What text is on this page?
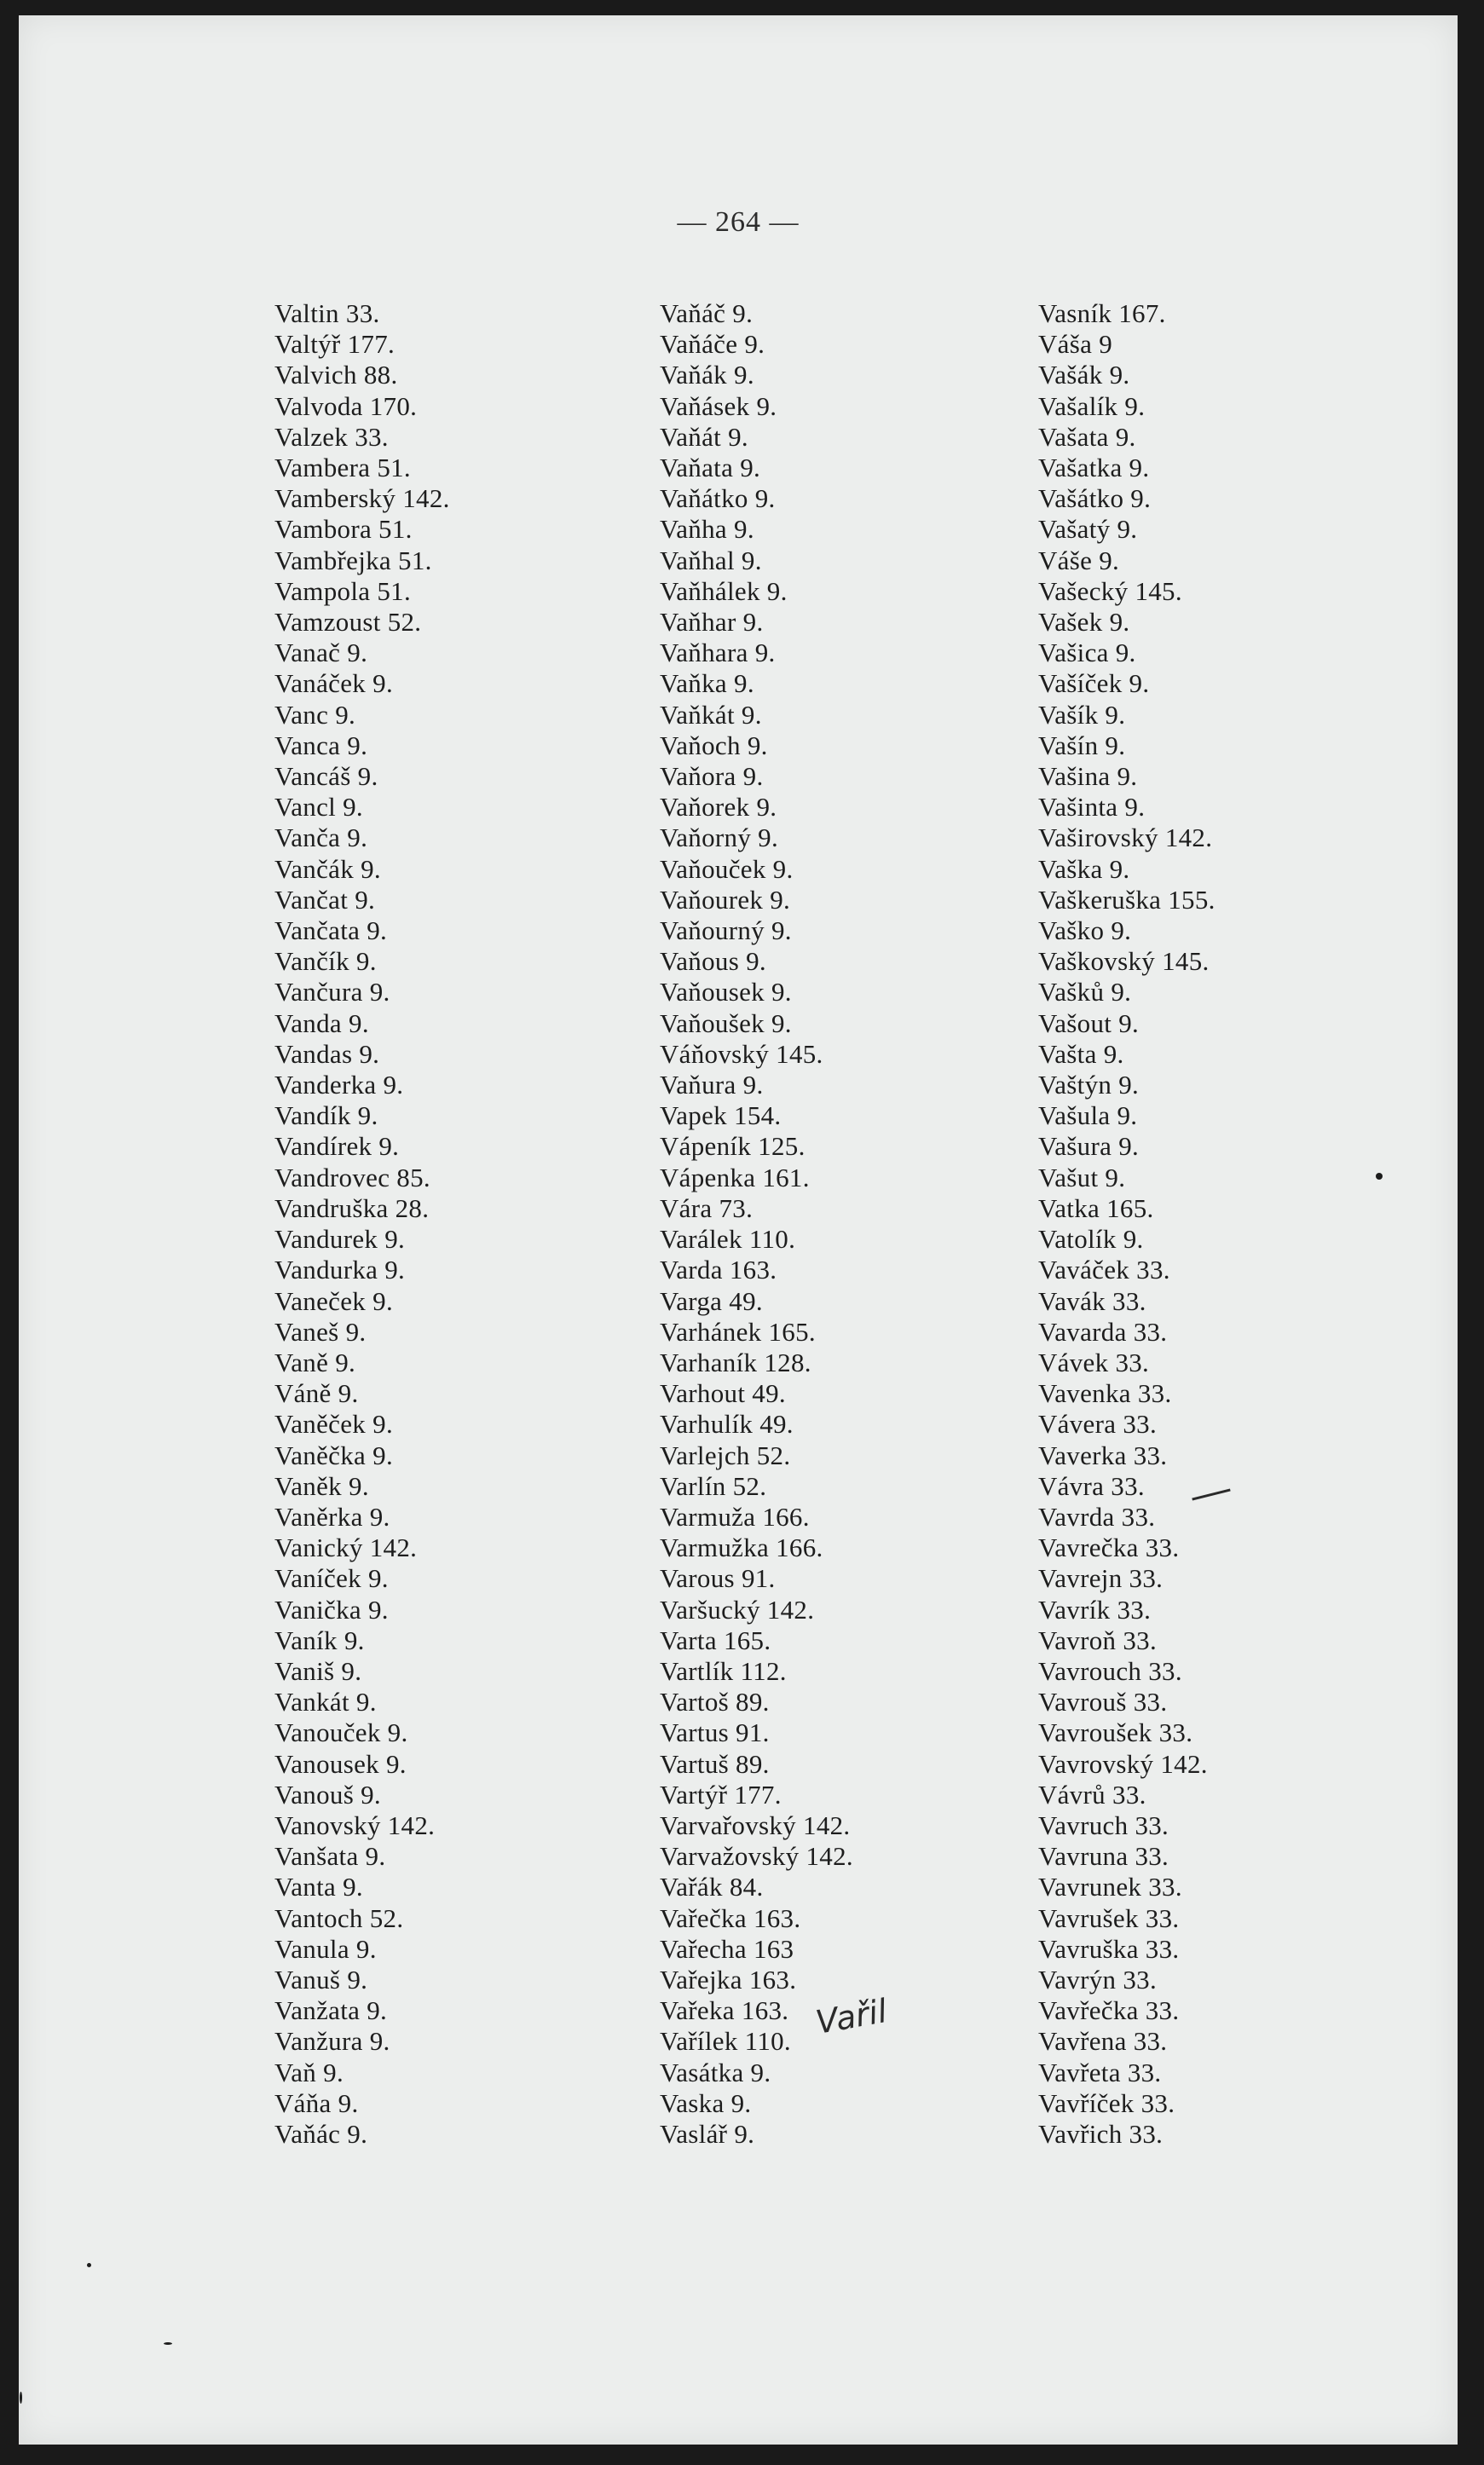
— 264 —
Valtin 33.
Valtýř 177.
Valvich 88.
Valvoda 170.
Valzek 33.
Vambera 51.
Vamberský 142.
Vambora 51.
Vambřejka 51.
Vampola 51.
Vamzoust 52.
Vanač 9.
Vanáček 9.
Vanc 9.
Vanca 9.
Vancáš 9.
Vancl 9.
Vanča 9.
Vančák 9.
Vančat 9.
Vančata 9.
Vančík 9.
Vančura 9.
Vanda 9.
Vandas 9.
Vanderka 9.
Vandík 9.
Vandírek 9.
Vandrovec 85.
Vandruška 28.
Vandurek 9.
Vandurka 9.
Vaneček 9.
Vaneš 9.
Vaně 9.
Váně 9.
Vaněček 9.
Vaněčka 9.
Vaněk 9.
Vaněrka 9.
Vanický 142.
Vaníček 9.
Vanička 9.
Vaník 9.
Vaniš 9.
Vankát 9.
Vanouček 9.
Vanousek 9.
Vanouš 9.
Vanovský 142.
Vanšata 9.
Vanta 9.
Vantoch 52.
Vanula 9.
Vanuš 9.
Vanžata 9.
Vanžura 9.
Vaň 9.
Váňa 9.
Vaňác 9.
Vaňáč 9.
Vaňáče 9.
Vaňák 9.
Vaňásek 9.
Vaňát 9.
Vaňata 9.
Vaňátko 9.
Vaňha 9.
Vaňhal 9.
Vaňhálek 9.
Vaňhar 9.
Vaňhara 9.
Vaňka 9.
Vaňkát 9.
Vaňoch 9.
Vaňora 9.
Vaňorek 9.
Vaňorný 9.
Vaňouček 9.
Vaňourek 9.
Vaňourný 9.
Vaňous 9.
Vaňousek 9.
Vaňoušek 9.
Váňovský 145.
Vaňura 9.
Vapek 154.
Vápeník 125.
Vápenka 161.
Vára 73.
Varálek 110.
Varda 163.
Varga 49.
Varhánek 165.
Varhaník 128.
Varhout 49.
Varhulík 49.
Varlejch 52.
Varlín 52.
Varmuža 166.
Varmužka 166.
Varous 91.
Varšucký 142.
Varta 165.
Vartlík 112.
Vartoš 89.
Vartus 91.
Vartuš 89.
Vartýř 177.
Varvařovský 142.
Varvažovský 142.
Vařák 84.
Vařečka 163.
Vařecha 163
Vařejka 163.
Vařeka 163.
Vařílek 110.
Vasátka 9.
Vaska 9.
Vaslář 9.
Vasník 167.
Váša 9
Vašák 9.
Vašalík 9.
Vašata 9.
Vašatka 9.
Vašátko 9.
Vašatý 9.
Váše 9.
Vašecký 145.
Vašek 9.
Vašica 9.
Vašíček 9.
Vašík 9.
Vašín 9.
Vašina 9.
Vašinta 9.
Vaširovský 142.
Vaška 9.
Vaškeruška 155.
Vaško 9.
Vaškovský 145.
Vašků 9.
Vašout 9.
Vašta 9.
Vaštýn 9.
Vašula 9.
Vašura 9.
Vašut 9.
Vatka 165.
Vatolík 9.
Vaváček 33.
Vavák 33.
Vavarda 33.
Vávek 33.
Vavenka 33.
Vávera 33.
Vaverka 33.
Vávra 33.
Vavrda 33.
Vavrečka 33.
Vavrejn 33.
Vavrík 33.
Vavroň 33.
Vavrouch 33.
Vavrouš 33.
Vavroušek 33.
Vavrovský 142.
Vávrů 33.
Vavruch 33.
Vavruna 33.
Vavrunek 33.
Vavrušek 33.
Vavruška 33.
Vavrýn 33.
Vavřečka 33.
Vavřena 33.
Vavřeta 33.
Vavříček 33.
Vavřich 33.
Vařil
